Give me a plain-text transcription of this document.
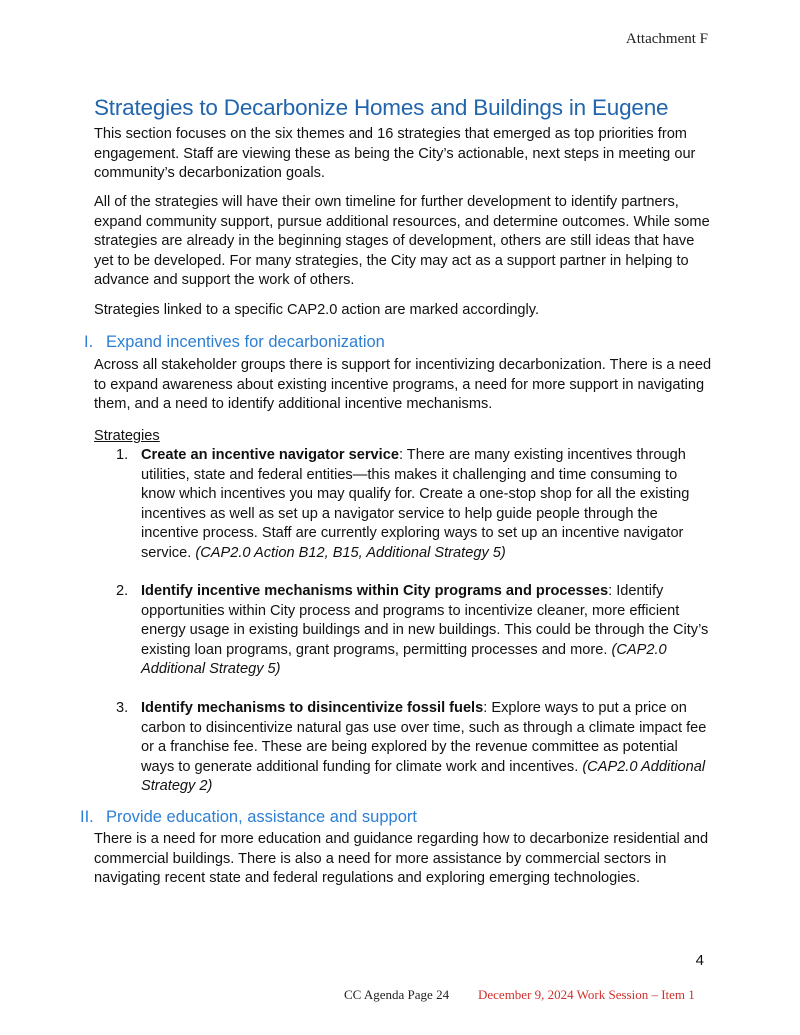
Attachment F
Strategies to Decarbonize Homes and Buildings in Eugene

This section focuses on the six themes and 16 strategies that emerged as top priorities from engagement. Staff are viewing these as being the City’s actionable, next steps in meeting our community’s decarbonization goals.

All of the strategies will have their own timeline for further development to identify partners, expand community support, pursue additional resources, and determine outcomes. While some strategies are already in the beginning stages of development, others are still ideas that have yet to be developed. For many strategies, the City may act as a support partner in helping to advance and support the work of others.

Strategies linked to a specific CAP2.0 action are marked accordingly.

I. Expand incentives for decarbonization

Across all stakeholder groups there is support for incentivizing decarbonization. There is a need to expand awareness about existing incentive programs, a need for more support in navigating them, and a need to identify additional incentive mechanisms.

Strategies
1. Create an incentive navigator service: There are many existing incentives through utilities, state and federal entities—this makes it challenging and time consuming to know which incentives you may qualify for. Create a one-stop shop for all the existing incentives as well as set up a navigator service to help guide people through the incentive process. Staff are currently exploring ways to set up an incentive navigator service. (CAP2.0 Action B12, B15, Additional Strategy 5)
2. Identify incentive mechanisms within City programs and processes: Identify opportunities within City process and programs to incentivize cleaner, more efficient energy usage in existing buildings and in new buildings. This could be through the City’s existing loan programs, grant programs, permitting processes and more. (CAP2.0 Additional Strategy 5)
3. Identify mechanisms to disincentivize fossil fuels: Explore ways to put a price on carbon to disincentivize natural gas use over time, such as through a climate impact fee or a franchise fee. These are being explored by the revenue committee as potential ways to generate additional funding for climate work and incentives. (CAP2.0 Additional Strategy 2)
II. Provide education, assistance and support

There is a need for more education and guidance regarding how to decarbonize residential and commercial buildings. There is also a need for more assistance by commercial sectors in navigating recent state and federal regulations and exploring emerging technologies.

4
CC Agenda Page 24 December 9, 2024 Work Session – Item 1
